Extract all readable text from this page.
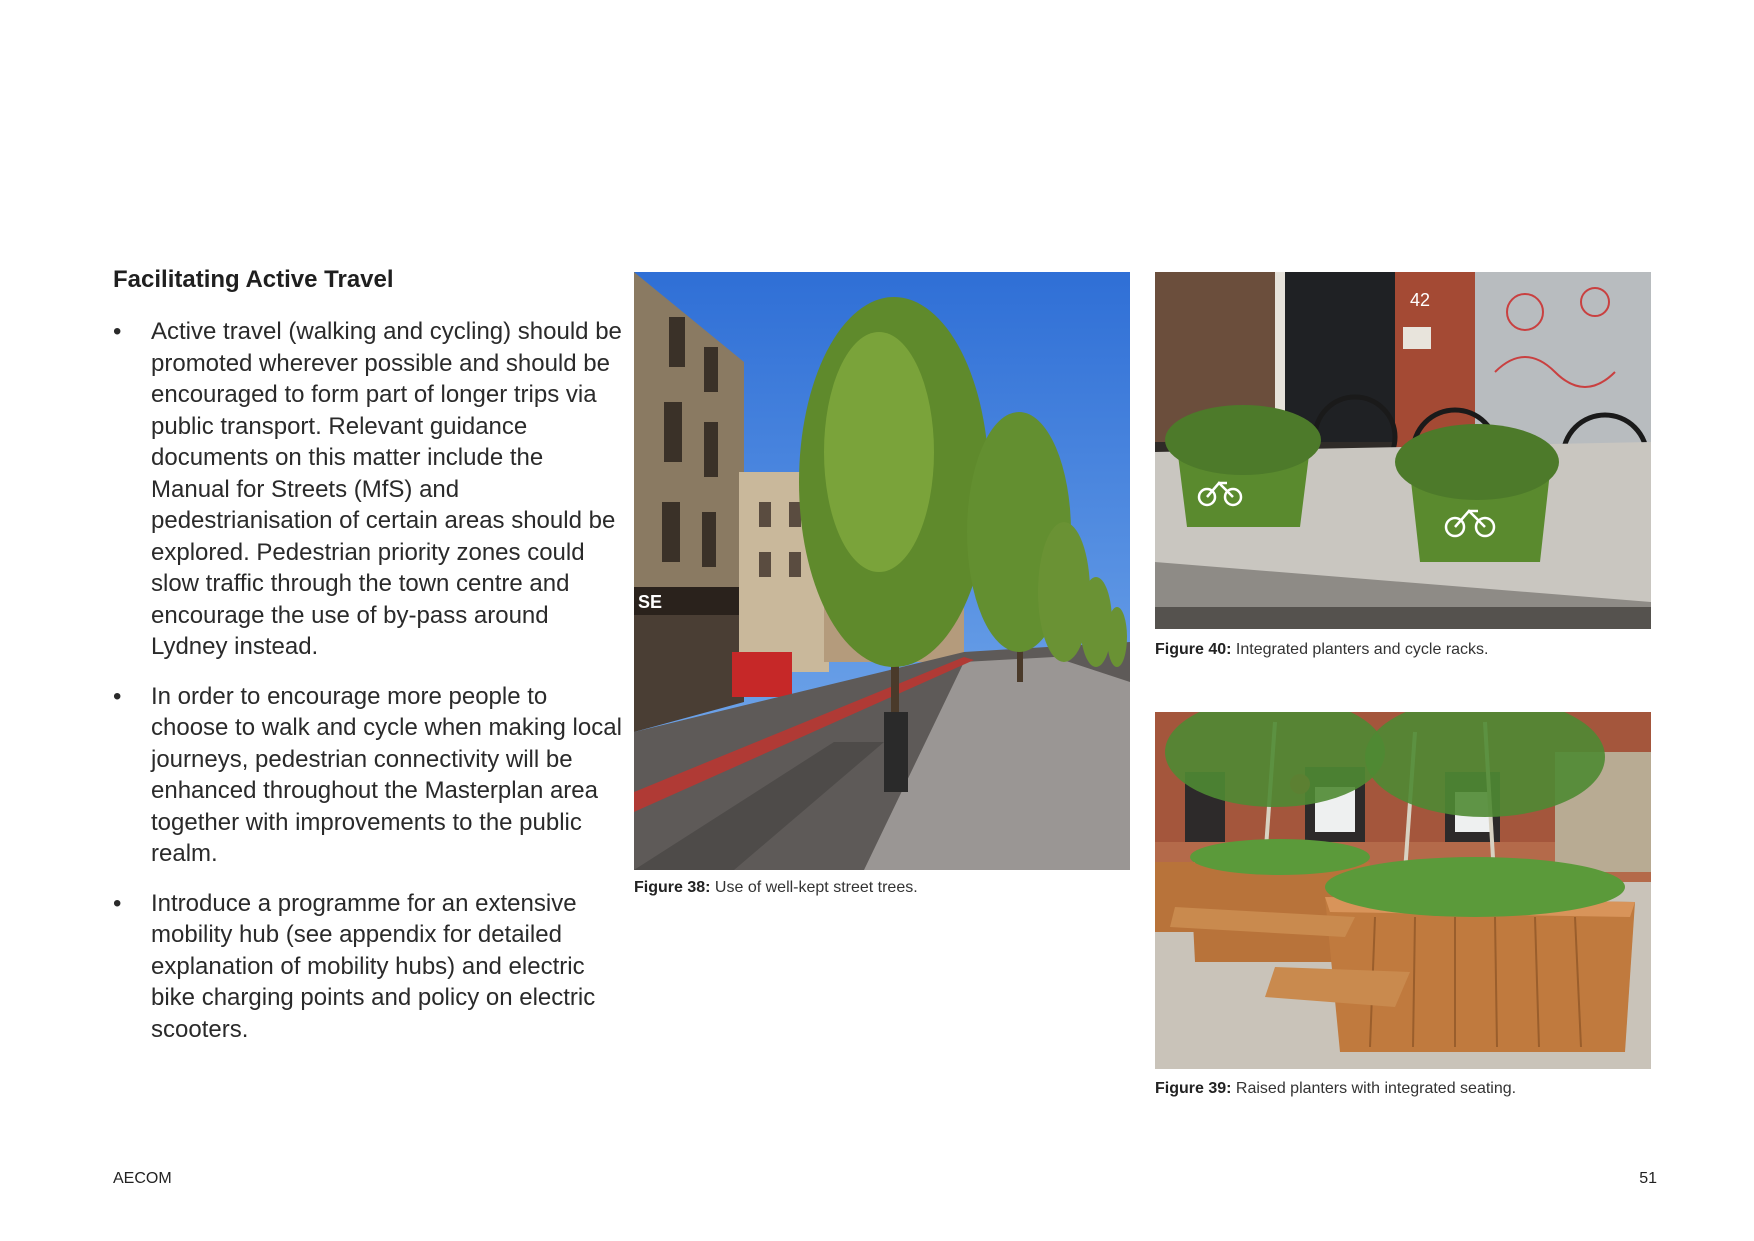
Facilitating Active Travel
• Active travel (walking and cycling) should be promoted wherever possible and should be encouraged to form part of longer trips via public transport. Relevant guidance documents on this matter include the Manual for Streets (MfS) and pedestrianisation of certain areas should be explored. Pedestrian priority zones could slow traffic through the town centre and encourage the use of by-pass around Lydney instead.
• In order to encourage more people to choose to walk and cycle when making local journeys, pedestrian connectivity will be enhanced throughout the Masterplan area together with improvements to the public realm.
• Introduce a programme for an extensive mobility hub (see appendix for detailed explanation of mobility hubs) and electric bike charging points and policy on electric scooters.
SE

Figure 38: Use of well-kept street trees.

42

Figure 40: Integrated planters and cycle racks.

Figure 39: Raised planters with integrated seating.

AECOM	51
